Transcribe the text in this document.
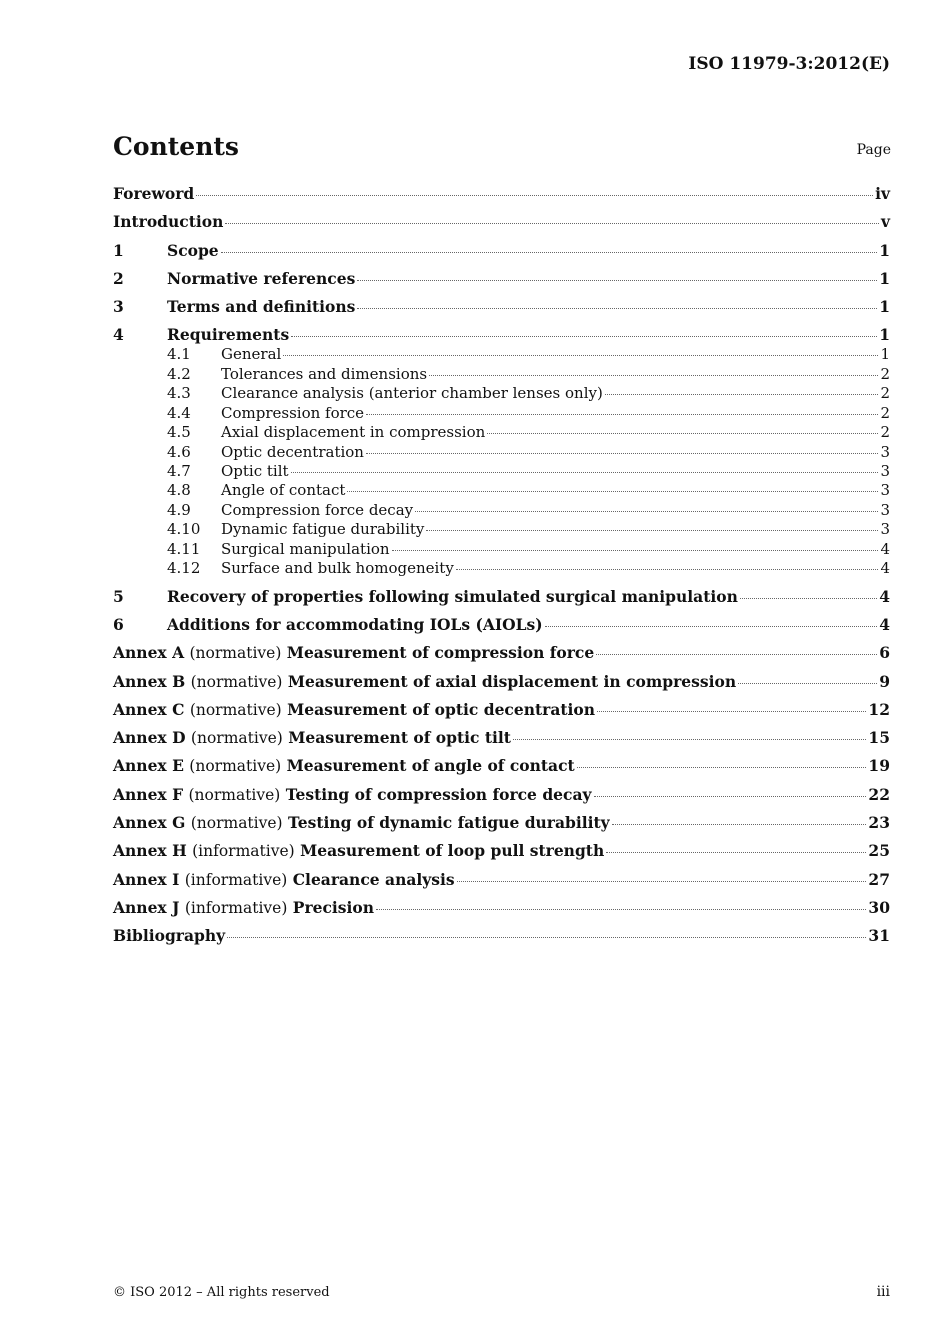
ISO 11979-3:2012(E)
Contents	Page
Foreword	iv
Introduction	v
1	Scope	1
2	Normative references	1
3	Terms and definitions	1
4	Requirements	1
4.1	General	1
4.2	Tolerances and dimensions	2
4.3	Clearance analysis (anterior chamber lenses only)	2
4.4	Compression force	2
4.5	Axial displacement in compression	2
4.6	Optic decentration	3
4.7	Optic tilt	3
4.8	Angle of contact	3
4.9	Compression force decay	3
4.10	Dynamic fatigue durability	3
4.11	Surgical manipulation	4
4.12	Surface and bulk homogeneity	4
5	Recovery of properties following simulated surgical manipulation	4
6	Additions for accommodating IOLs (AIOLs)	4
Annex A (normative) Measurement of compression force	6
Annex B (normative) Measurement of axial displacement in compression	9
Annex C (normative) Measurement of optic decentration	12
Annex D (normative) Measurement of optic tilt	15
Annex E (normative) Measurement of angle of contact	19
Annex F (normative) Testing of compression force decay	22
Annex G (normative) Testing of dynamic fatigue durability	23
Annex H (informative) Measurement of loop pull strength	25
Annex I (informative) Clearance analysis	27
Annex J (informative) Precision	30
Bibliography	31
© ISO 2012 – All rights reserved	iii
